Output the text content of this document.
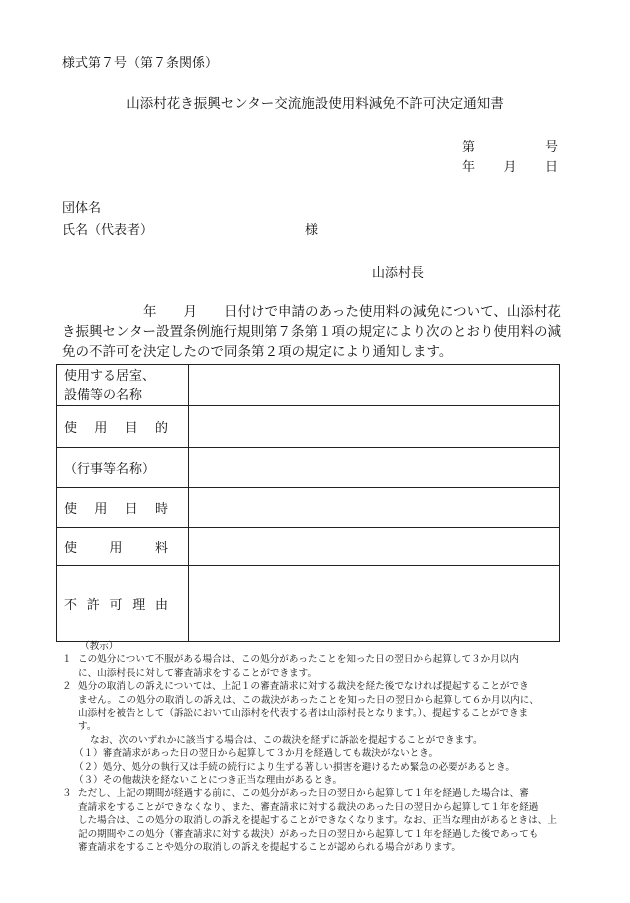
様式第７号（第７条関係）
山添村花き振興センター交流施設使用料減免不許可決定通知書
第	号
年 月 日
団体名
氏名（代表者）	様
山添村長

　　　　　　年　　月　　日付けで申請のあった使用料の減免について、山添村花

き振興センター設置条例施行規則第７条第１項の規定により次のとおり使用料の減

免の不許可を決定したので同条第２項の規定により通知します。

使用する居室、
設備等の名称	

使 用 目 的	

（行事等名称）	

使 用 日 時	

使 用 料	

不 許 可 理 由	

（教示）
１ この処分について不服がある場合は、この処分があったことを知った日の翌日から起算して３か月以内
に、山添村長に対して審査請求をすることができます。
２ 処分の取消しの訴えについては、上記１の審査請求に対する裁決を経た後でなければ提起することができ
ません。この処分の取消しの訴えは、この裁決があったことを知った日の翌日から起算して６か月以内に、
山添村を被告として（訴訟において山添村を代表する者は山添村長となります。）、提起することができま
す。
なお、次のいずれかに該当する場合は、この裁決を経ずに訴訟を提起することができます。
（１）審査請求があった日の翌日から起算して３か月を経過しても裁決がないとき。
（２）処分、処分の執行又は手続の続行により生ずる著しい損害を避けるため緊急の必要があるとき。
（３）その他裁決を経ないことにつき正当な理由があるとき。
３ ただし、上記の期間が経過する前に、この処分があった日の翌日から起算して１年を経過した場合は、審
査請求をすることができなくなり、また、審査請求に対する裁決のあった日の翌日から起算して１年を経過
した場合は、この処分の取消しの訴えを提起することができなくなります。なお、正当な理由があるときは、上
記の期間やこの処分（審査請求に対する裁決）があった日の翌日から起算して１年を経過した後であっても
審査請求をすることや処分の取消しの訴えを提起することが認められる場合があります。
